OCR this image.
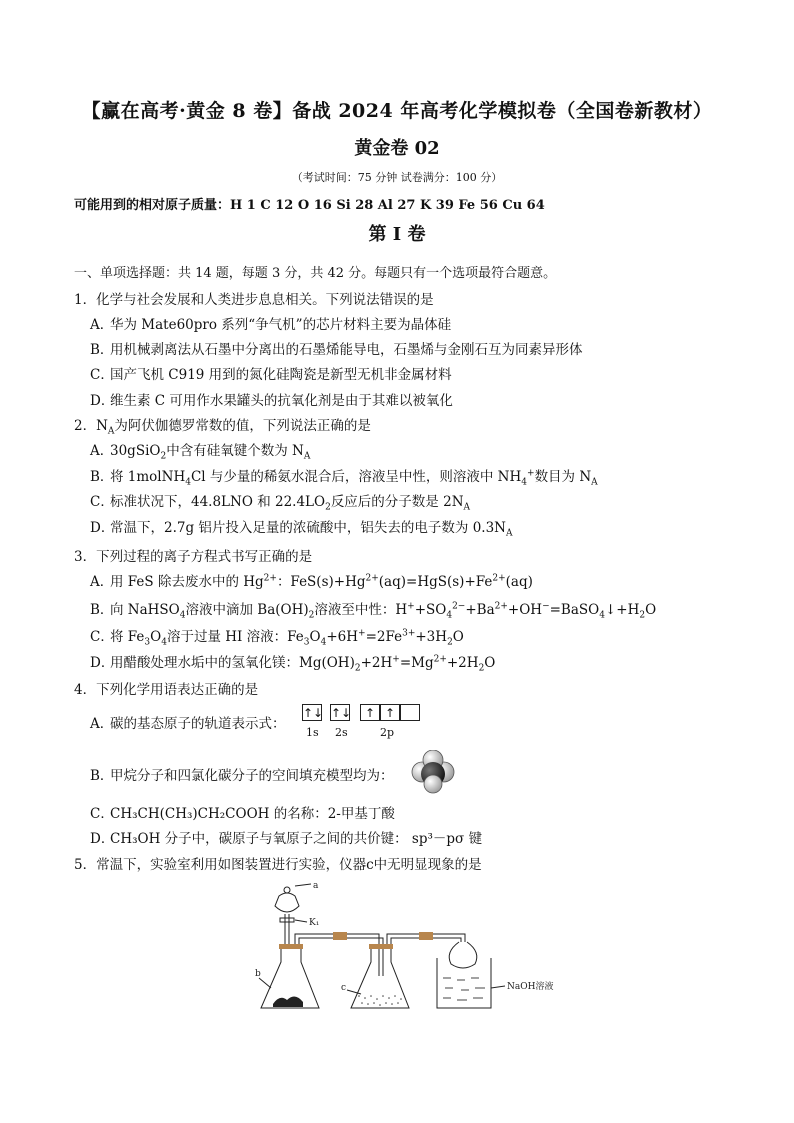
【赢在高考·黄金 8 卷】备战 2024 年高考化学模拟卷（全国卷新教材）
黄金卷 02
（考试时间：75 分钟 试卷满分：100 分）
可能用到的相对原子质量：H 1 C 12 O 16 Si 28 Al 27 K 39 Fe 56 Cu 64
第 I 卷
一、单项选择题：共 14 题，每题 3 分，共 42 分。每题只有一个选项最符合题意。
1．化学与社会发展和人类进步息息相关。下列说法错误的是
A．华为 Mate60pro 系列“争气机”的芯片材料主要为晶体硅
B．用机械剥离法从石墨中分离出的石墨烯能导电，石墨烯与金刚石互为同素异形体
C．国产飞机 C919 用到的氮化硅陶瓷是新型无机非金属材料
D．维生素 C 可用作水果罐头的抗氧化剂是由于其难以被氧化
2．$N_A$为阿伏伽德罗常数的值，下列说法正确的是
A．30gSiO$_2$中含有硅氧键个数为 $N_A$
B．将 1molNH$_4$Cl 与少量的稀氨水混合后，溶液呈中性，则溶液中 $NH_4^+$数目为 $N_A$
C．标准状况下，44.8LNO 和 $22.4LO_2$反应后的分子数是 $2N_A$
D．常温下，2.7g 铝片投入足量的浓硫酸中，铝失去的电子数为 $0.3N_A$
3．下列过程的离子方程式书写正确的是
A．用 FeS 除去废水中的 $Hg^{2+}$：$FeS(s)+Hg^{2+}(aq)=HgS(s)+Fe^{2+}(aq)$
B．向 NaHSO$_4$溶液中滴加 $Ba(OH)_2$溶液至中性：$H^++SO_4^{2-}+Ba^{2+}+OH^-=BaSO_4↓+H_2O$
C．将 $Fe_3O_4$溶于过量 HI 溶液：$Fe_3O_4+6H^+=2Fe^{3+}+3H_2O$
D．用醋酸处理水垢中的氢氧化镁：$Mg(OH)_2+2H^+=Mg^{2+}+2H_2O$
4．下列化学用语表达正确的是
A．碳的基态原子的轨道表示式：
↑↓ ↑↓	↑ ↑
1s 2s	2p
B．甲烷分子和四氯化碳分子的空间填充模型均为：
C．CH₃CH(CH₃)CH₂COOH 的名称：2-甲基丁酸
D．CH₃OH 分子中，碳原子与氧原子之间的共价键： sp³－pσ 键
5．常温下，实验室利用如图装置进行实验，仪器c中无明显现象的是
a
K₁
b
c	NaOH溶液
